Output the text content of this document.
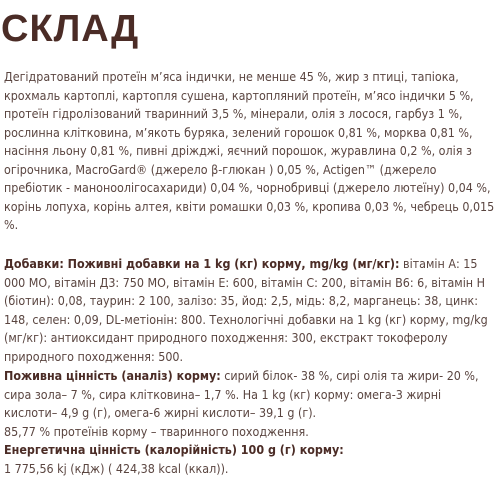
СКЛАД

Дегідратований протеїн м’яса індички, не менше 45 %, жир з птиці, тапіока, крохмаль картоплі, картопля сушена, картопляний протеїн, м’ясо індички 5 %, протеїн гідролізований тваринний 3,5 %, мінерали, олія з лосося, гарбуз 1 %, рослинна клітковина, м’якоть буряка, зелений горошок 0,81 %, морква 0,81 %, насіння льону 0,81 %, пивні дріжджі, яєчний порошок, журавлина 0,2 %, олія з огірочника, MacroGard® (джерело β-глюкан ) 0,05 %, Actigen™ (джерело пребіотик - маноноолігосахариди) 0,04 %, чорнобривці (джерело лютеїну) 0,04 %, корінь лопуха, корінь алтея, квіти ромашки 0,03 %, кропива 0,03 %, чебрець 0,015 %.

Добавки: Поживні добавки на 1 kg (кг) корму, mg/kg (мг/кг): вітамін А: 15 000 МО, вітамін Д3: 750 МО, вітамін Е: 600, вітамін С: 200, вітамін В6: 6, вітамін Н (біотин): 0,08, таурин: 2 100, залізо: 35, йод: 2,5, мідь: 8,2, марганець: 38, цинк: 148, селен: 0,09, DL-метіонін: 800. Технологічні добавки на 1 kg (кг) корму, mg/kg (мг/кг): антиоксидант природного походження: 300, екстракт токоферолу природного походження: 500.

Поживна цінність (аналіз) корму: сирий білок- 38 %, сирі олія та жири- 20 %, сира зола– 7 %, сира клітковина– 1,7 %. На 1 kg (кг) корму: омега-3 жирні кислоти– 4,9 g (г), омега-6 жирні кислоти– 39,1 g (г).

85,77 % протеїнів корму – тваринного походження.

Енергетична цінність (калорійність) 100 g (г) корму:
1 775,56 kj (кДж) ( 424,38 kcal (ккал)).
